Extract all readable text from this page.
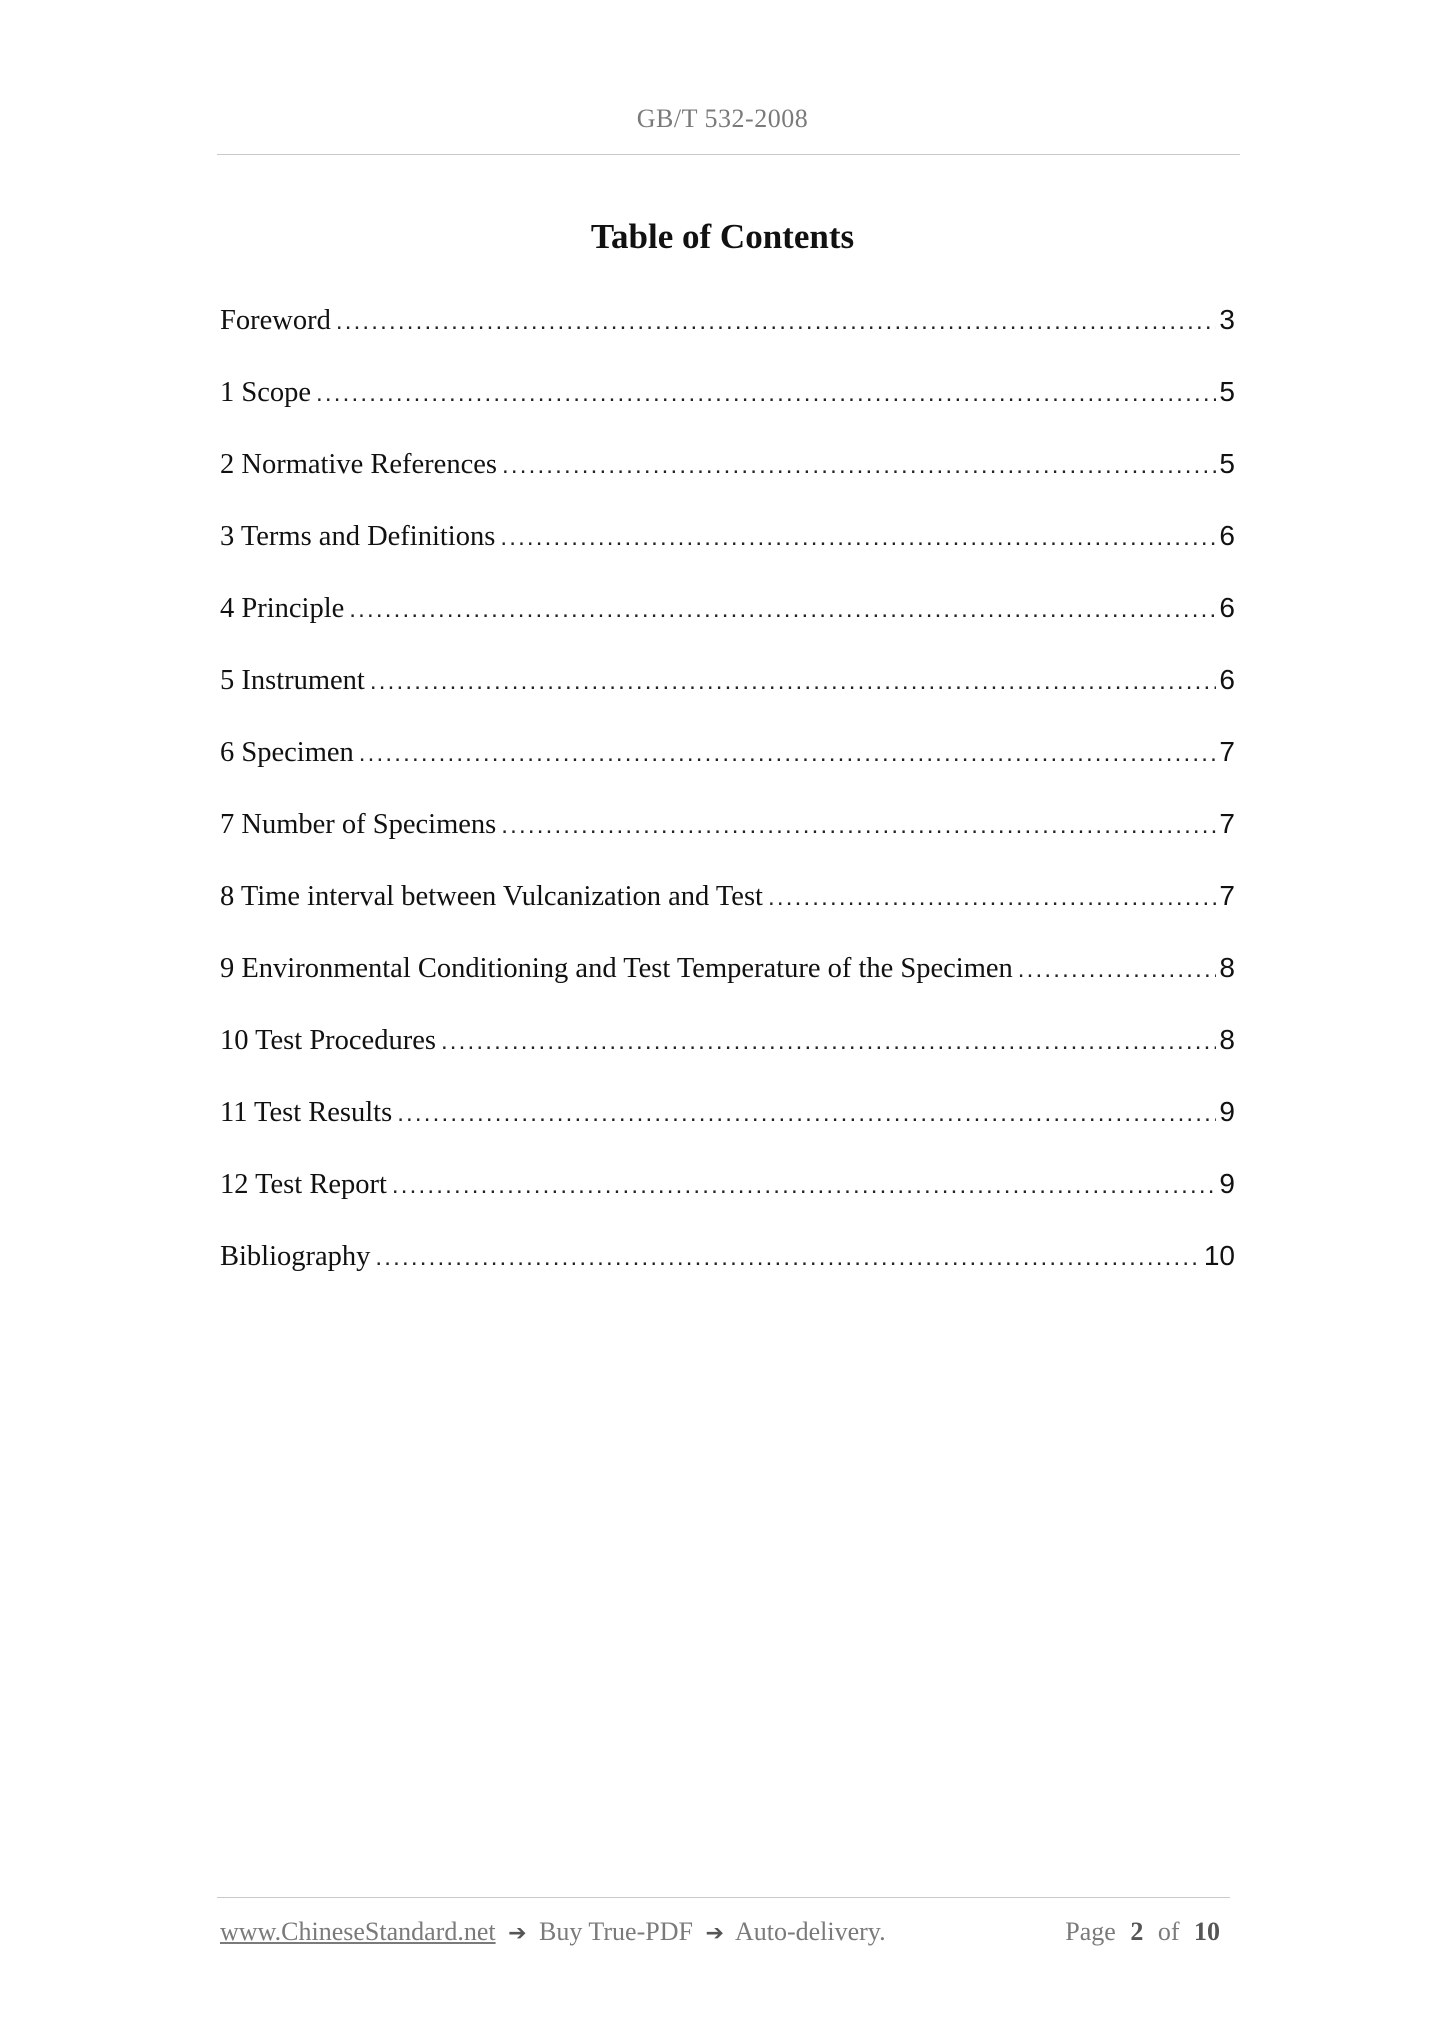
GB/T 532-2008
Table of Contents
Foreword .....	3
1 Scope .....	5
2 Normative References .....	5
3 Terms and Definitions .....	6
4 Principle .....	6
5 Instrument .....	6
6 Specimen .....	7
7 Number of Specimens .....	7
8 Time interval between Vulcanization and Test .....	7
9 Environmental Conditioning and Test Temperature of the Specimen .....	8
10 Test Procedures .....	8
11 Test Results .....	9
12 Test Report .....	9
Bibliography .....	10
www.ChineseStandard.net ➔ Buy True-PDF ➔ Auto-delivery.	Page 2 of 10
